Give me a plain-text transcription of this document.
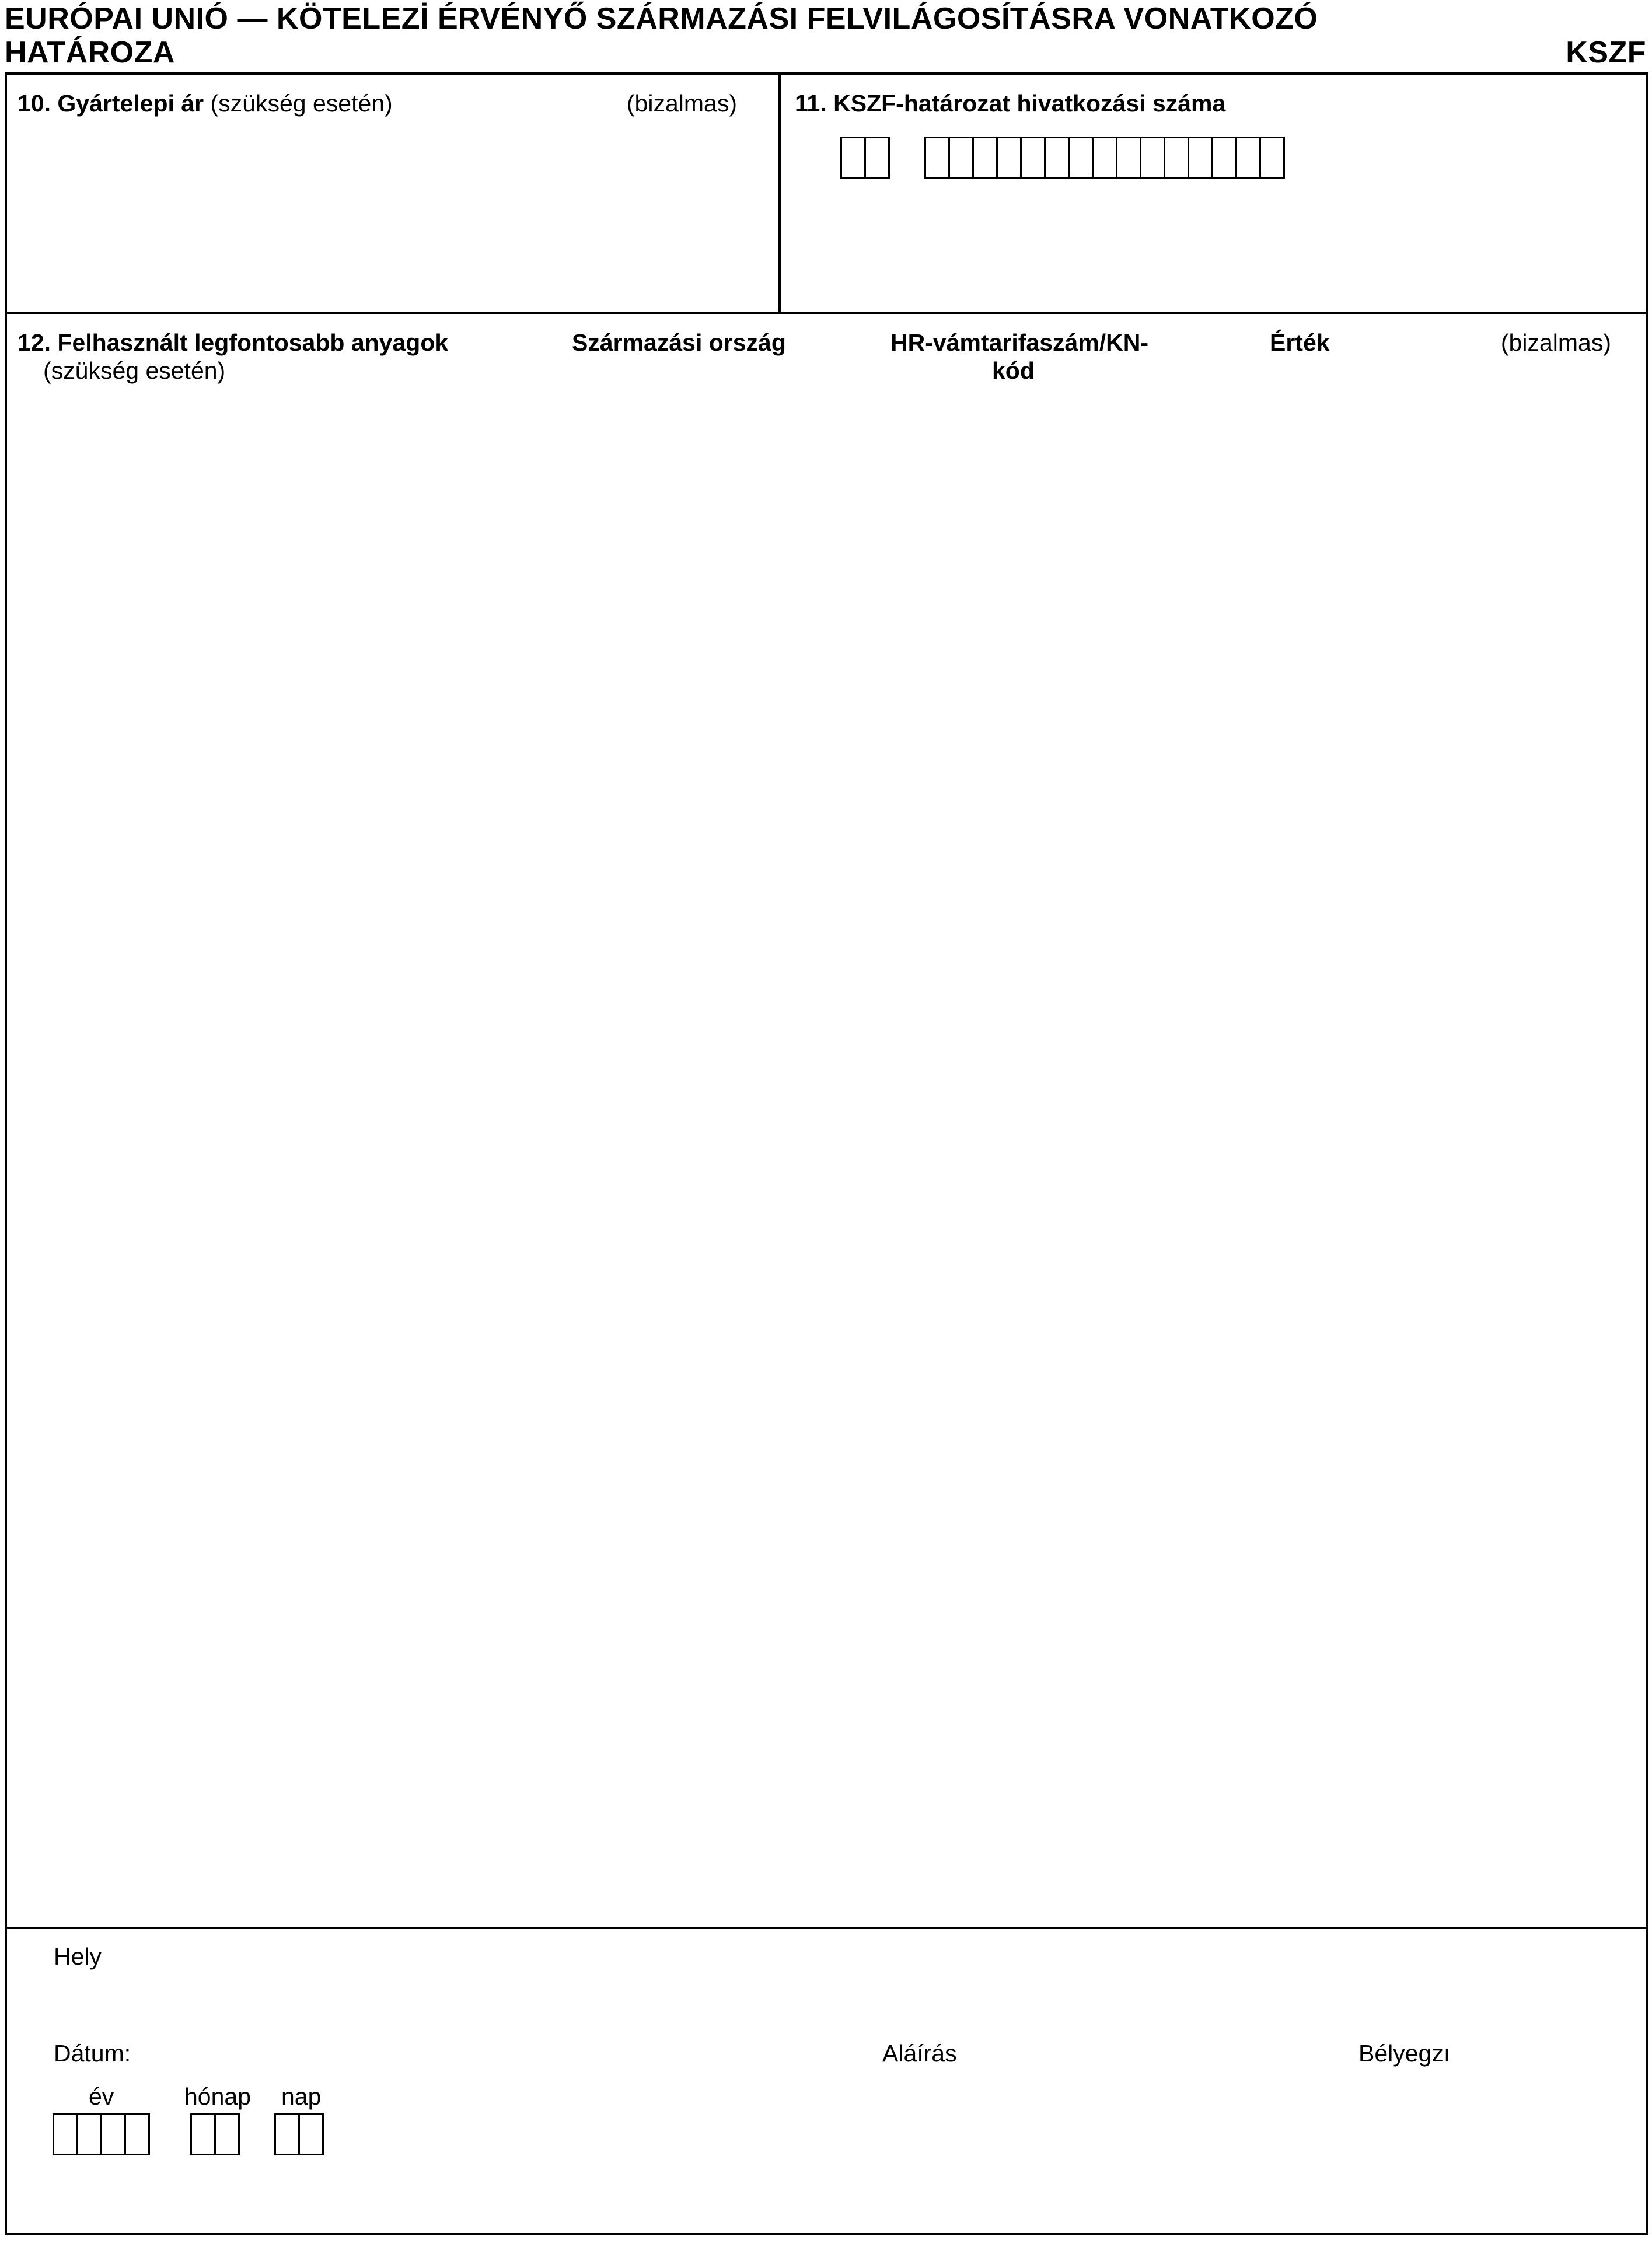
EURÓPAI UNIÓ — KÖTELEZİ ÉRVÉNYŐ SZÁRMAZÁSI FELVILÁGOSÍTÁSRA VONATKOZÓ
HATÁROZA	KSZF
10. Gyártelepi ár (szükség esetén)	(bizalmas) 11. KSZF-határozat hivatkozási száma
12. Felhasznált legfontosabb anyagok
(szükség esetén)
Származási ország	HR-vámtarifaszám/KN-
kód
Érték	(bizalmas)
Hely
Dátum:	Aláírás	Bélyegzı
év	hónap nap
